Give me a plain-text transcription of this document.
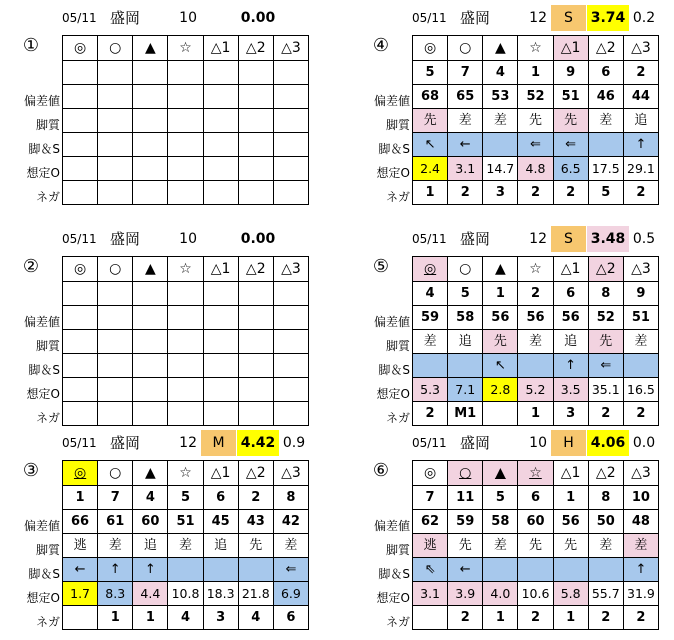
05/11 盛岡	10	0.00
①
偏差値
脚質
脚＆S
想定O
ネガ
◎	○	▲	☆	△1	△2	△3

05/11 盛岡	12	S	3.74 0.2
④
偏差値
脚質
脚＆S
想定O
ネガ
◎	○	▲	☆	△1	△2	△3
5	7	4	1	9	6	2
68	65	53	52	51	46	44
先	差	差	先	先	差	追
↖	←		⇐	⇐		↑
2.4	3.1	14.7	4.8	6.5	17.5	29.1
1	2	3	2	2	5	2
05/11 盛岡	10	0.00
②
偏差値
脚質
脚＆S
想定O
ネガ
◎	○	▲	☆	△1	△2	△3

05/11 盛岡	12	S	3.48 0.5
⑤
偏差値
脚質
脚＆S
想定O
ネガ
◎	○	▲	☆	△1	△2	△3
4	5	1	2	6	8	9
59	58	56	56	56	52	51
差	追	先	差	追	先	差
		↖		↑	⇐	
5.3	7.1	2.8	5.2	3.5	35.1	16.5
2	M1		1	3	2	2
05/11 盛岡	12	M	4.42 0.9
③
偏差値
脚質
脚＆S
想定O
ネガ
◎	○	▲	☆	△1	△2	△3
1	7	4	5	6	2	8
66	61	60	51	45	43	42
逃	差	追	差	追	先	差
←	↑	↑				⇐
1.7	8.3	4.4	10.8	18.3	21.8	6.9
	1	1	4	3	4	6
05/11 盛岡	10	H	4.06 0.0
⑥
偏差値
脚質
脚＆S
想定O
ネガ
◎	○	▲	☆	△1	△2	△3
7	11	5	6	1	8	10
62	59	58	60	56	50	48
逃	先	差	先	先	差	差
⇖	←					↑
3.1	3.9	4.0	10.6	5.8	55.7	31.9
	2	1	2	1	2	2
